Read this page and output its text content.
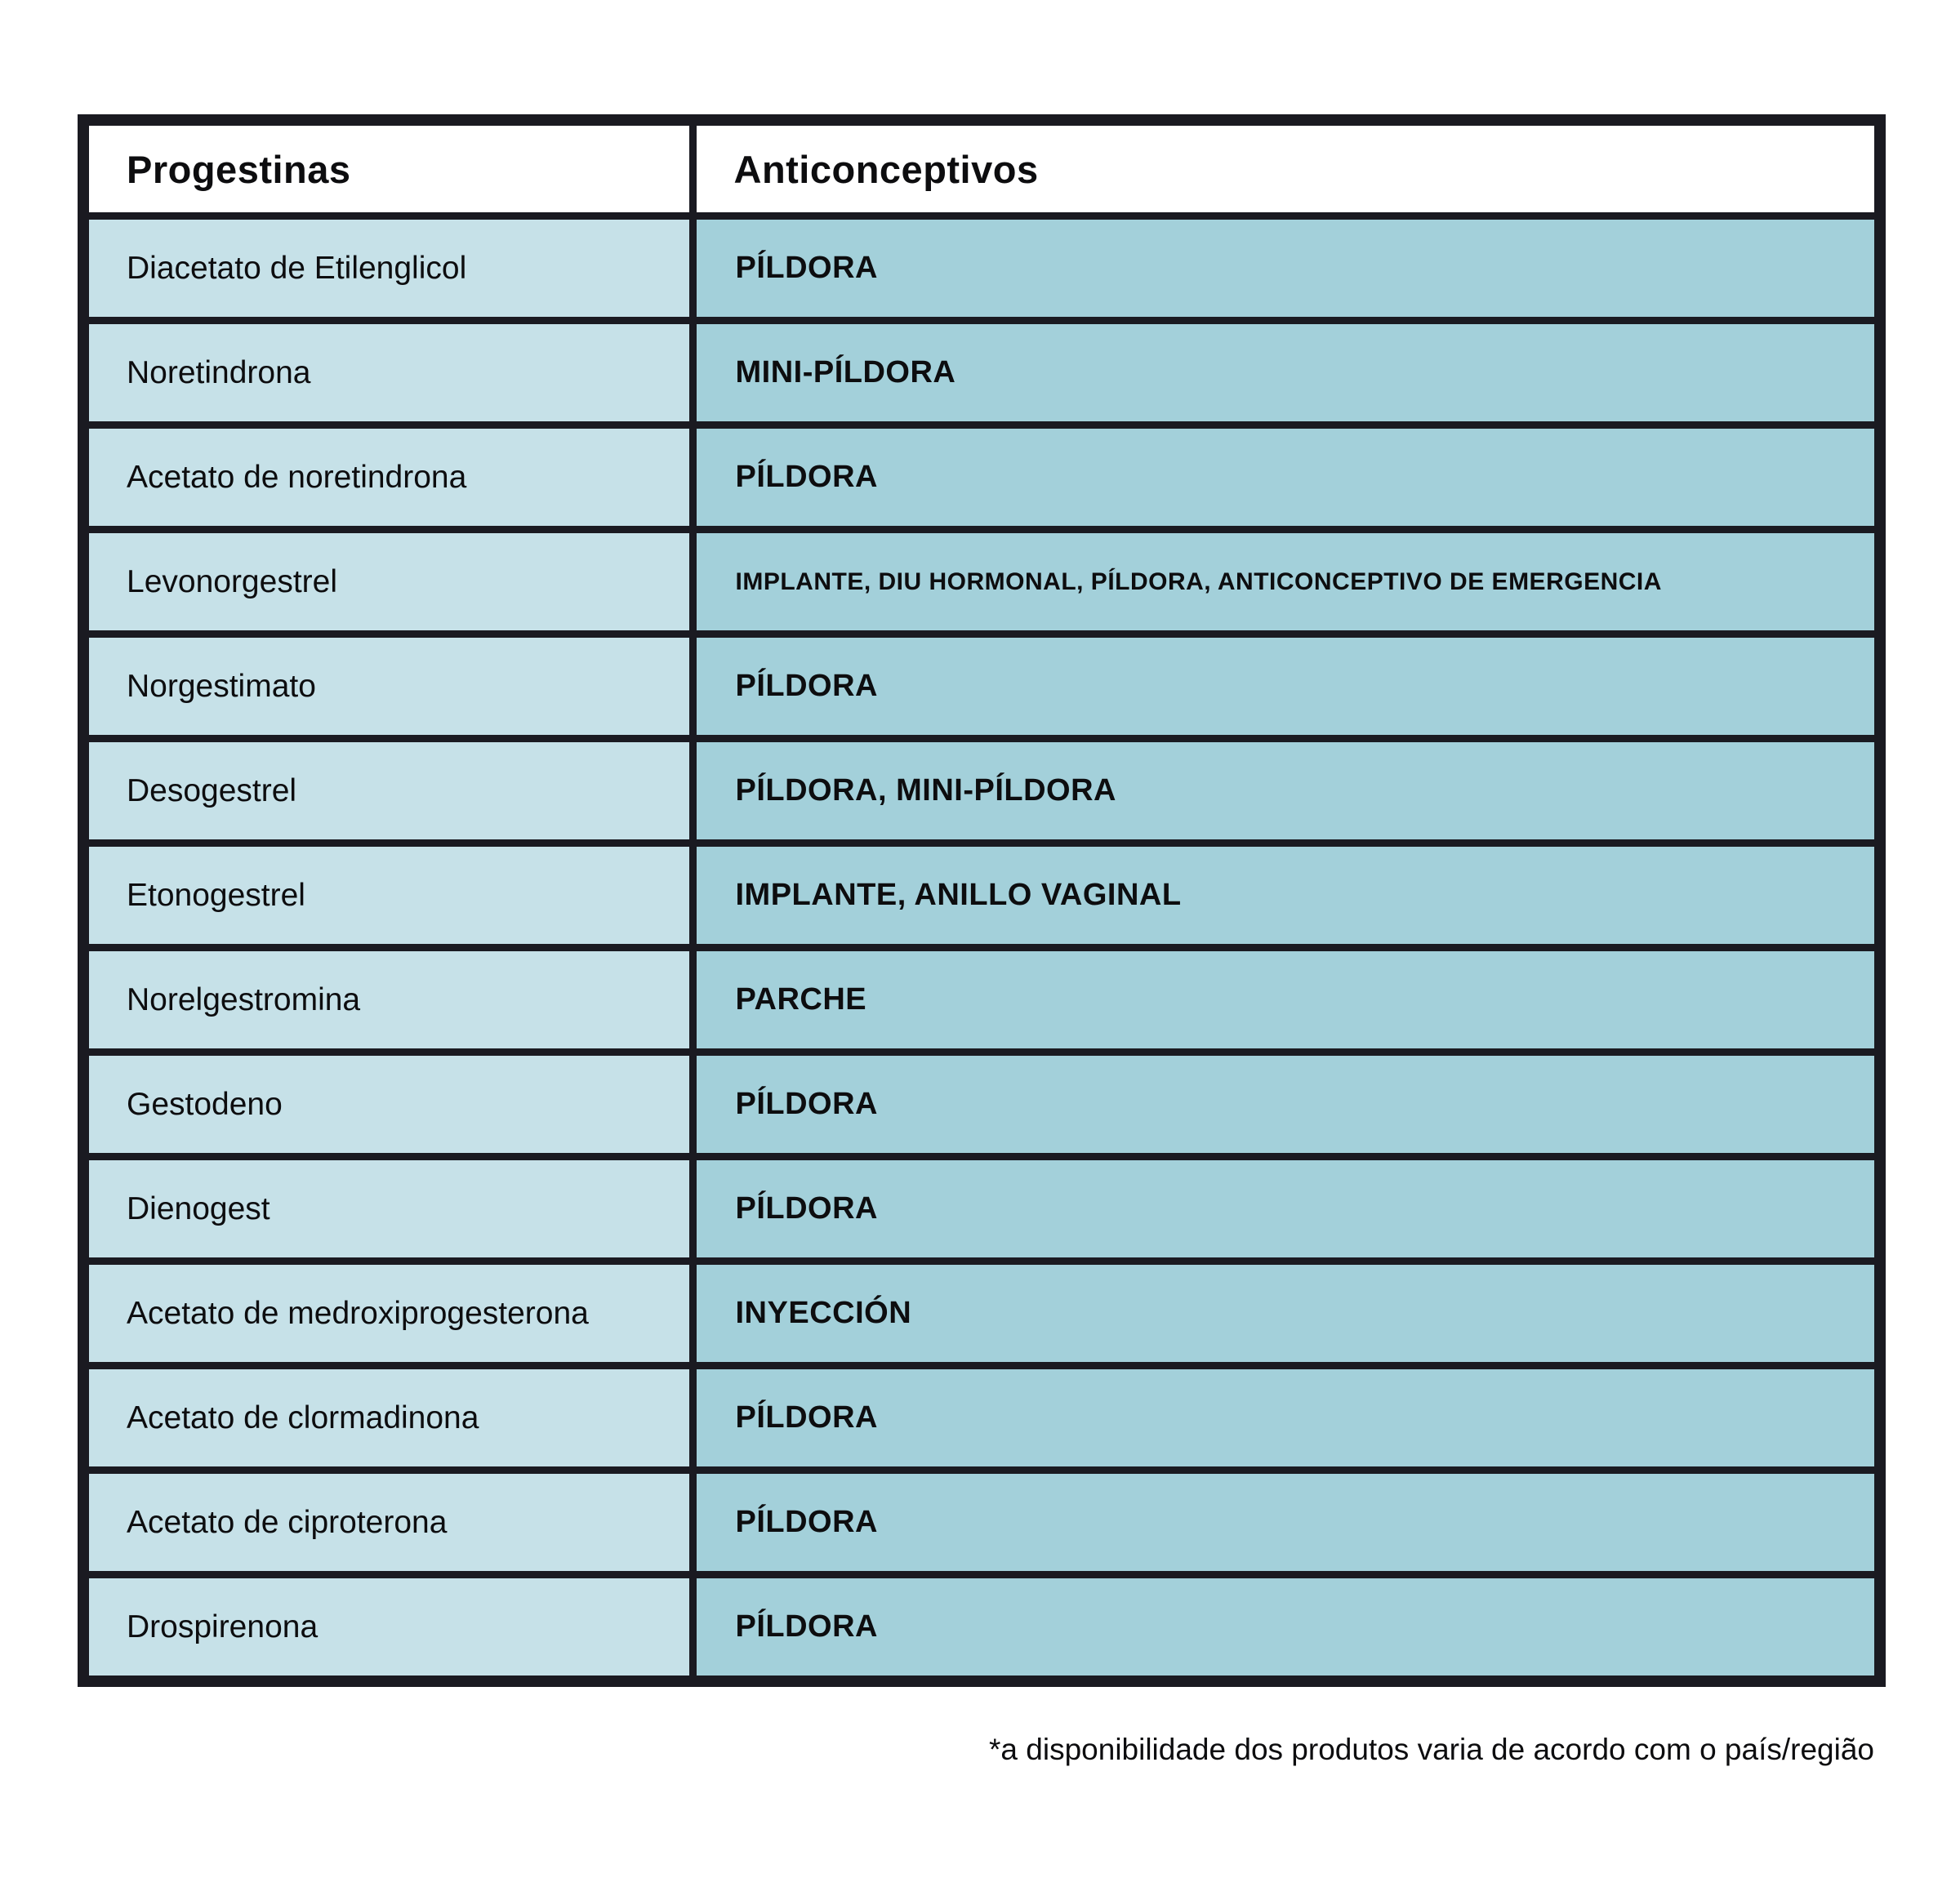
Progestinas	Anticonceptivos
Diacetato de Etilenglicol	PÍLDORA
Noretindrona	MINI-PÍLDORA
Acetato de noretindrona	PÍLDORA
Levonorgestrel	IMPLANTE, DIU HORMONAL, PÍLDORA, ANTICONCEPTIVO DE EMERGENCIA
Norgestimato	PÍLDORA
Desogestrel	PÍLDORA, MINI-PÍLDORA
Etonogestrel	IMPLANTE, ANILLO VAGINAL
Norelgestromina	PARCHE
Gestodeno	PÍLDORA
Dienogest	PÍLDORA
Acetato de medroxiprogesterona	INYECCIÓN
Acetato de clormadinona	PÍLDORA
Acetato de ciproterona	PÍLDORA
Drospirenona	PÍLDORA
*a disponibilidade dos produtos varia de acordo com o país/região
